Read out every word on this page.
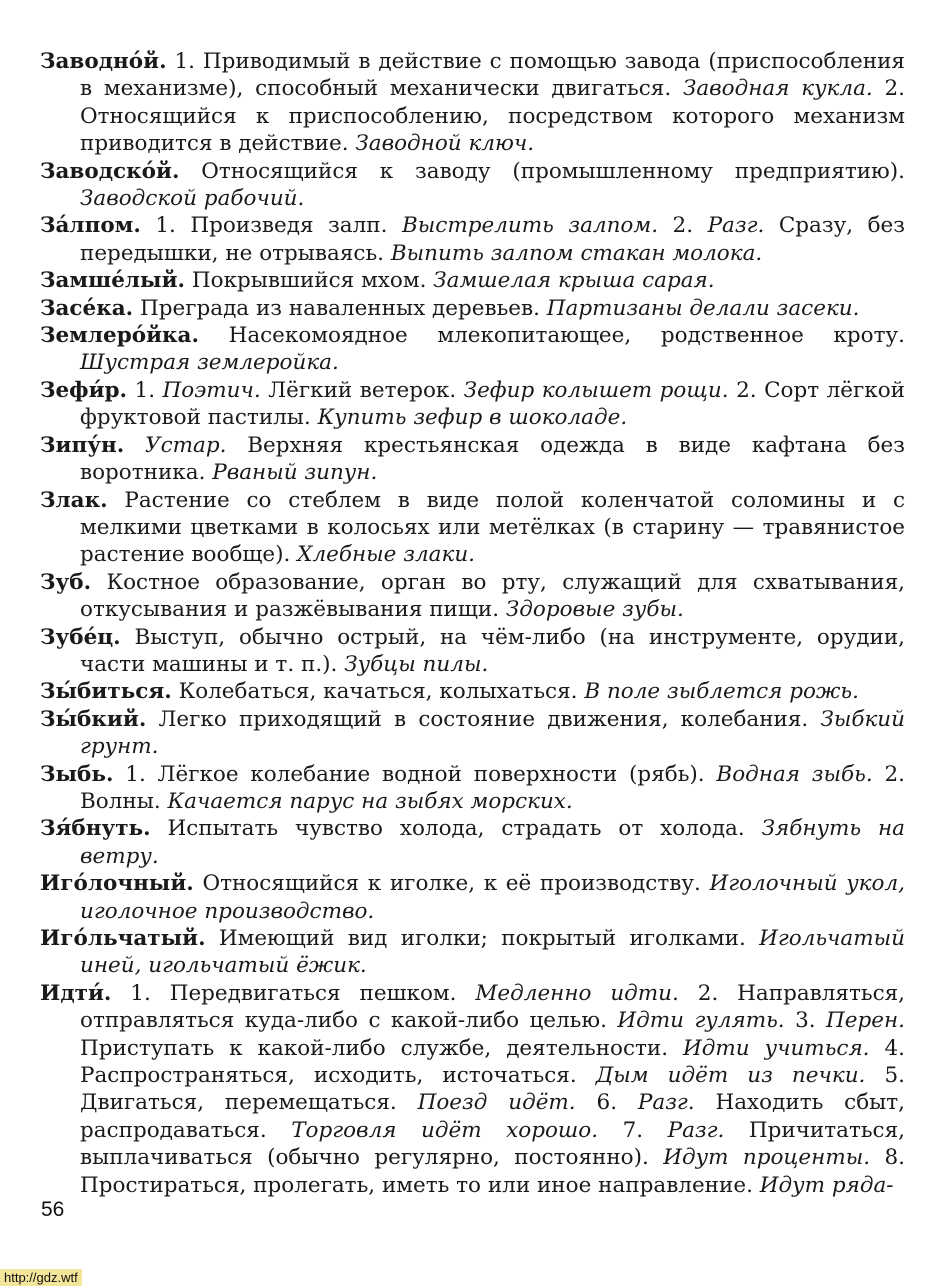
Заводно́й. 1. Приводимый в действие с помощью завода (приспособления в механизме), способный механически двигаться. Заводная кукла. 2. Относящийся к приспособлению, посредством которого механизм приводится в действие. Заводной ключ.

Заводско́й. Относящийся к заводу (промышленному предприятию). Заводской рабочий.

За́лпом. 1. Произведя залп. Выстрелить залпом. 2. Разг. Сразу, без передышки, не отрываясь. Выпить залпом стакан молока.

Замше́лый. Покрывшийся мхом. Замшелая крыша сарая.

Засе́ка. Преграда из наваленных деревьев. Партизаны делали засеки.

Землеро́йка. Насекомоядное млекопитающее, родственное кроту. Шустрая землеройка.

Зефи́р. 1. Поэтич. Лёгкий ветерок. Зефир колышет рощи. 2. Сорт лёгкой фруктовой пастилы. Купить зефир в шоколаде.

Зипу́н. Устар. Верхняя крестьянская одежда в виде кафтана без воротника. Рваный зипун.

Злак. Растение со стеблем в виде полой коленчатой соломины и с мелкими цветками в колосьях или метёлках (в старину — травянистое растение вообще). Хлебные злаки.

Зуб. Костное образование, орган во рту, служащий для схватывания, откусывания и разжёвывания пищи. Здоровые зубы.

Зубе́ц. Выступ, обычно острый, на чём-либо (на инструменте, орудии, части машины и т. п.). Зубцы пилы.

Зы́биться. Колебаться, качаться, колыхаться. В поле зыблется рожь.

Зы́бкий. Легко приходящий в состояние движения, колебания. Зыбкий грунт.

Зыбь. 1. Лёгкое колебание водной поверхности (рябь). Водная зыбь. 2. Волны. Качается парус на зыбях морских.

Зя́бнуть. Испытать чувство холода, страдать от холода. Зябнуть на ветру.

Иго́лочный. Относящийся к иголке, к её производству. Иголочный укол, иголочное производство.

Иго́льчатый. Имеющий вид иголки; покрытый иголками. Игольчатый иней, игольчатый ёжик.

Идти́. 1. Передвигаться пешком. Медленно идти. 2. Направляться, отправляться куда-либо с какой-либо целью. Идти гулять. 3. Перен. Приступать к какой-либо службе, деятельности. Идти учиться. 4. Распространяться, исходить, источаться. Дым идёт из печки. 5. Двигаться, перемещаться. Поезд идёт. 6. Разг. Находить сбыт, распродаваться. Торговля идёт хорошо. 7. Разг. Причитаться, выплачиваться (обычно регулярно, постоянно). Идут проценты. 8. Простираться, пролегать, иметь то или иное направление. Идут ряда-

56
http://gdz.wtf
